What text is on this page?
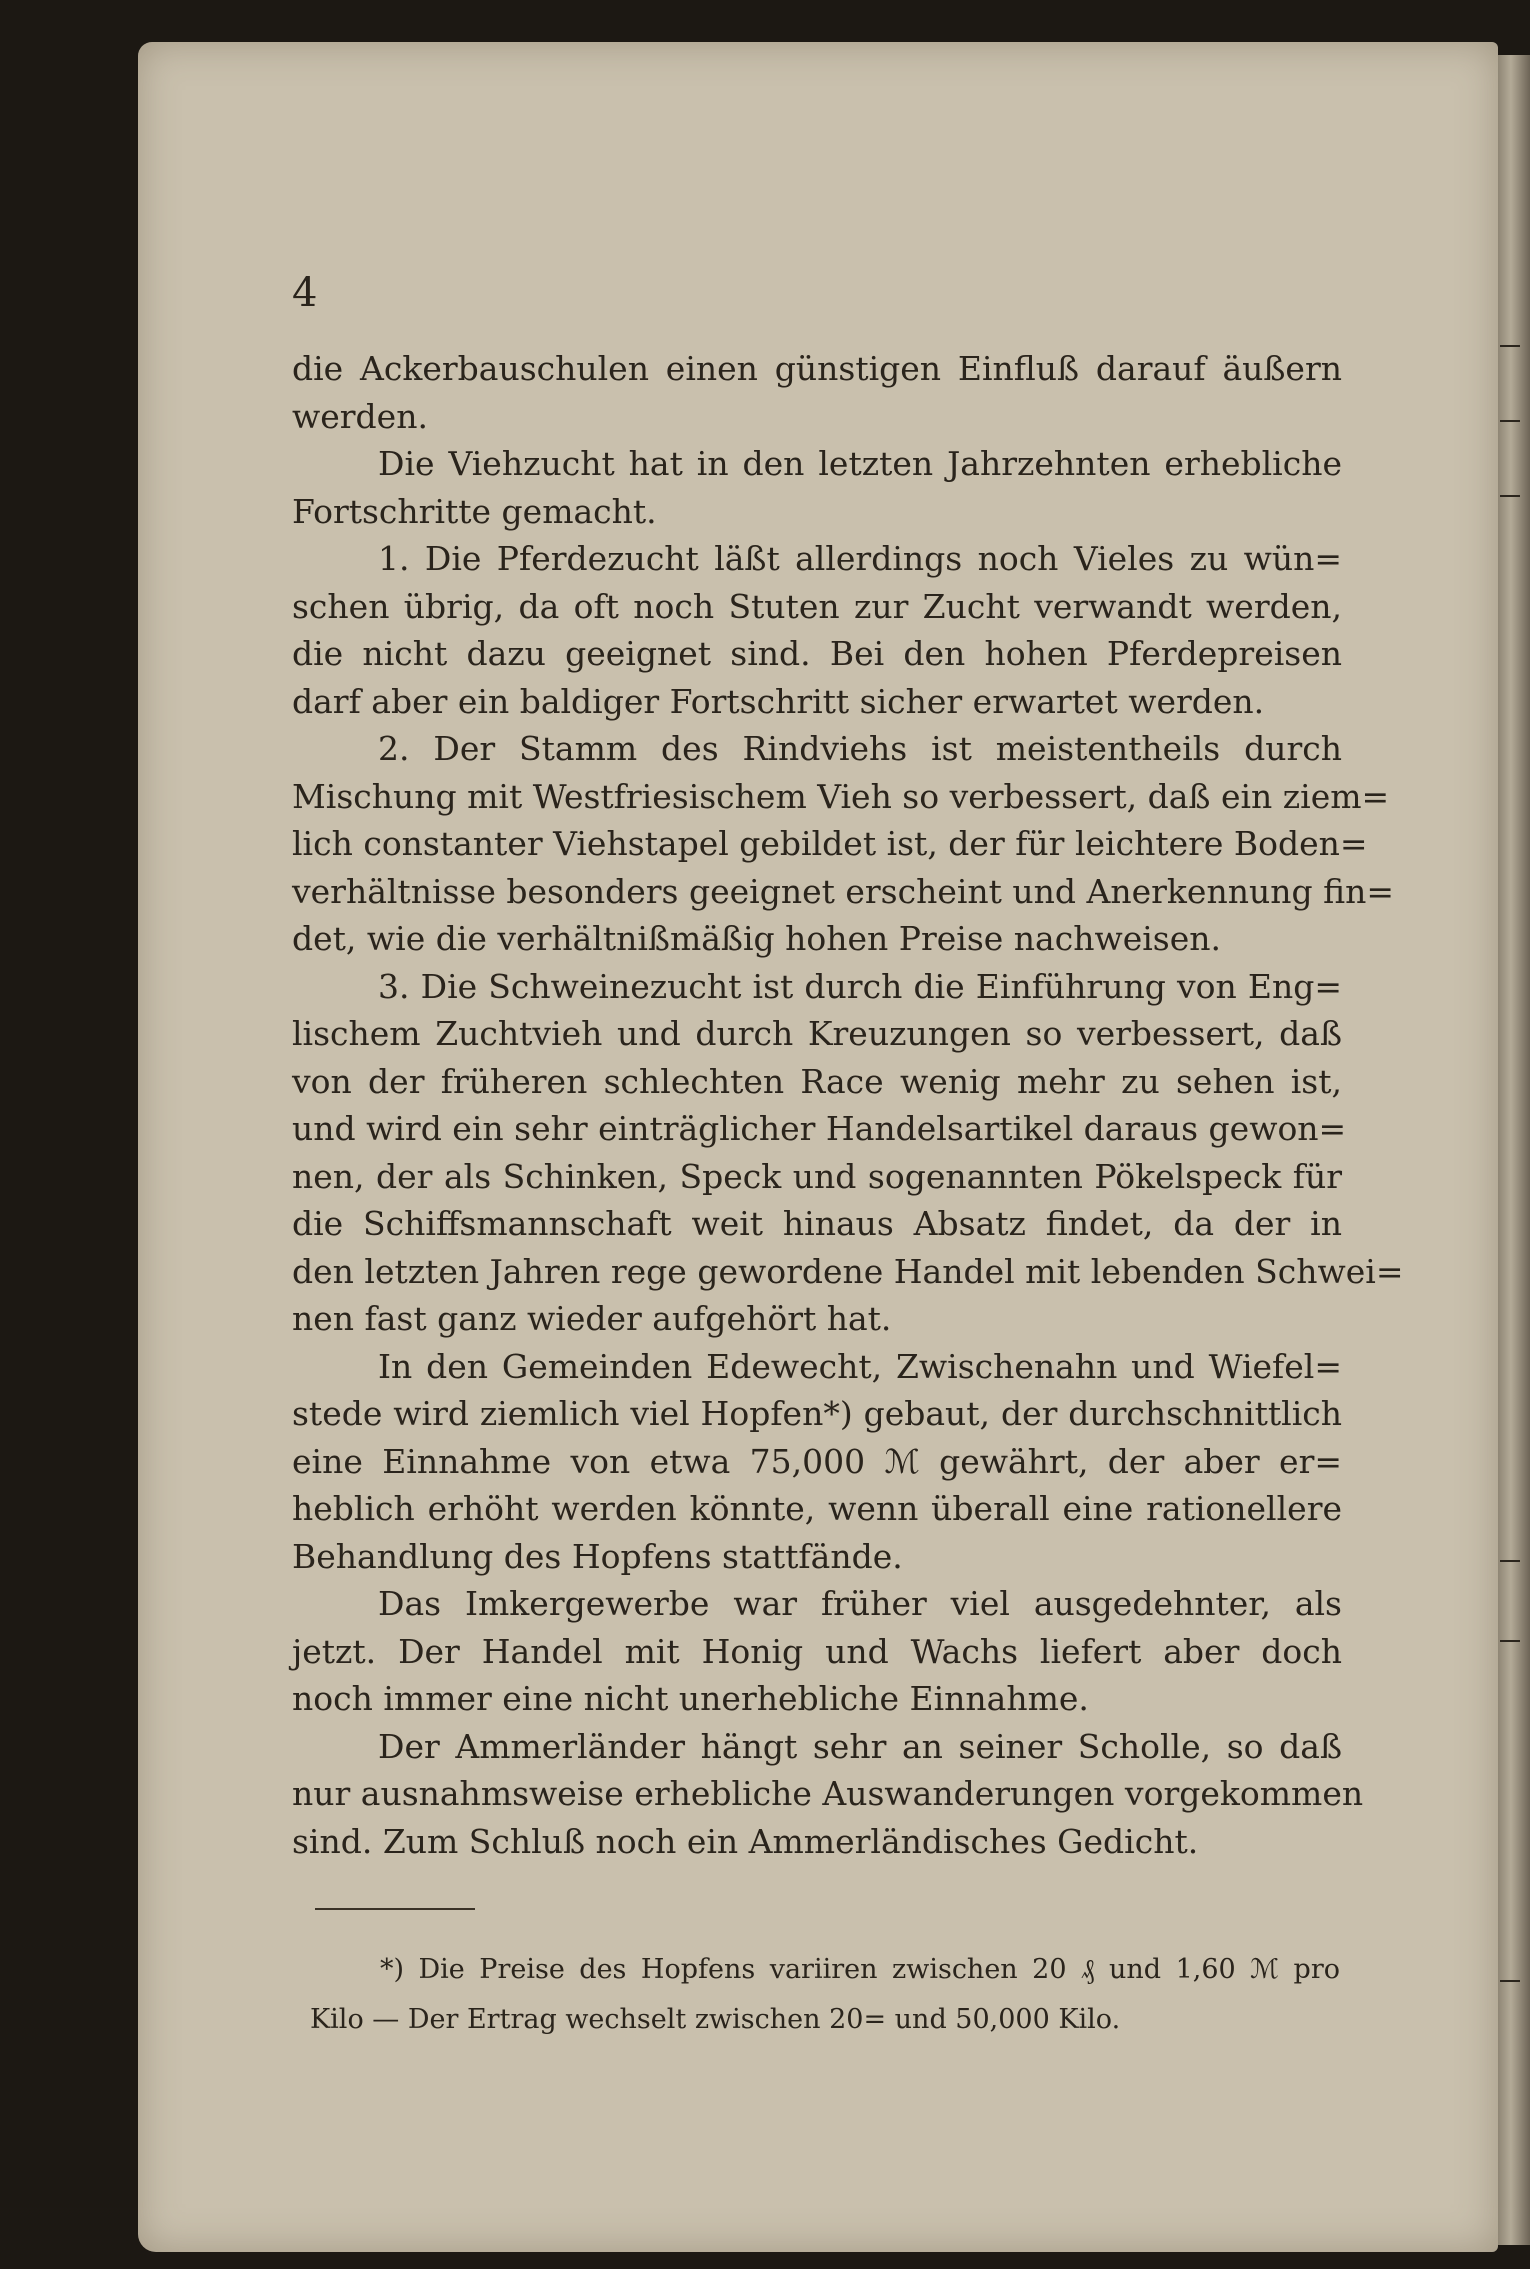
4
die Ackerbauschulen einen günstigen Einfluß darauf äußern
werden.
Die Viehzucht hat in den letzten Jahrzehnten erhebliche
Fortschritte gemacht.
1. Die Pferdezucht läßt allerdings noch Vieles zu wün=
schen übrig, da oft noch Stuten zur Zucht verwandt werden,
die nicht dazu geeignet sind. Bei den hohen Pferdepreisen
darf aber ein baldiger Fortschritt sicher erwartet werden.
2. Der Stamm des Rindviehs ist meistentheils durch
Mischung mit Westfriesischem Vieh so verbessert, daß ein ziem=
lich constanter Viehstapel gebildet ist, der für leichtere Boden=
verhältnisse besonders geeignet erscheint und Anerkennung fin=
det, wie die verhältnißmäßig hohen Preise nachweisen.
3. Die Schweinezucht ist durch die Einführung von Eng=
lischem Zuchtvieh und durch Kreuzungen so verbessert, daß
von der früheren schlechten Race wenig mehr zu sehen ist,
und wird ein sehr einträglicher Handelsartikel daraus gewon=
nen, der als Schinken, Speck und sogenannten Pökelspeck für
die Schiffsmannschaft weit hinaus Absatz findet, da der in
den letzten Jahren rege gewordene Handel mit lebenden Schwei=
nen fast ganz wieder aufgehört hat.
In den Gemeinden Edewecht, Zwischenahn und Wiefel=
stede wird ziemlich viel Hopfen*) gebaut, der durchschnittlich
eine Einnahme von etwa 75,000 ℳ gewährt, der aber er=
heblich erhöht werden könnte, wenn überall eine rationellere
Behandlung des Hopfens stattfände.
Das Imkergewerbe war früher viel ausgedehnter, als
jetzt. Der Handel mit Honig und Wachs liefert aber doch
noch immer eine nicht unerhebliche Einnahme.
Der Ammerländer hängt sehr an seiner Scholle, so daß
nur ausnahmsweise erhebliche Auswanderungen vorgekommen
sind. Zum Schluß noch ein Ammerländisches Gedicht.
*) Die Preise des Hopfens variiren zwischen 20 ₰ und 1,60 ℳ pro
Kilo — Der Ertrag wechselt zwischen 20= und 50,000 Kilo.
